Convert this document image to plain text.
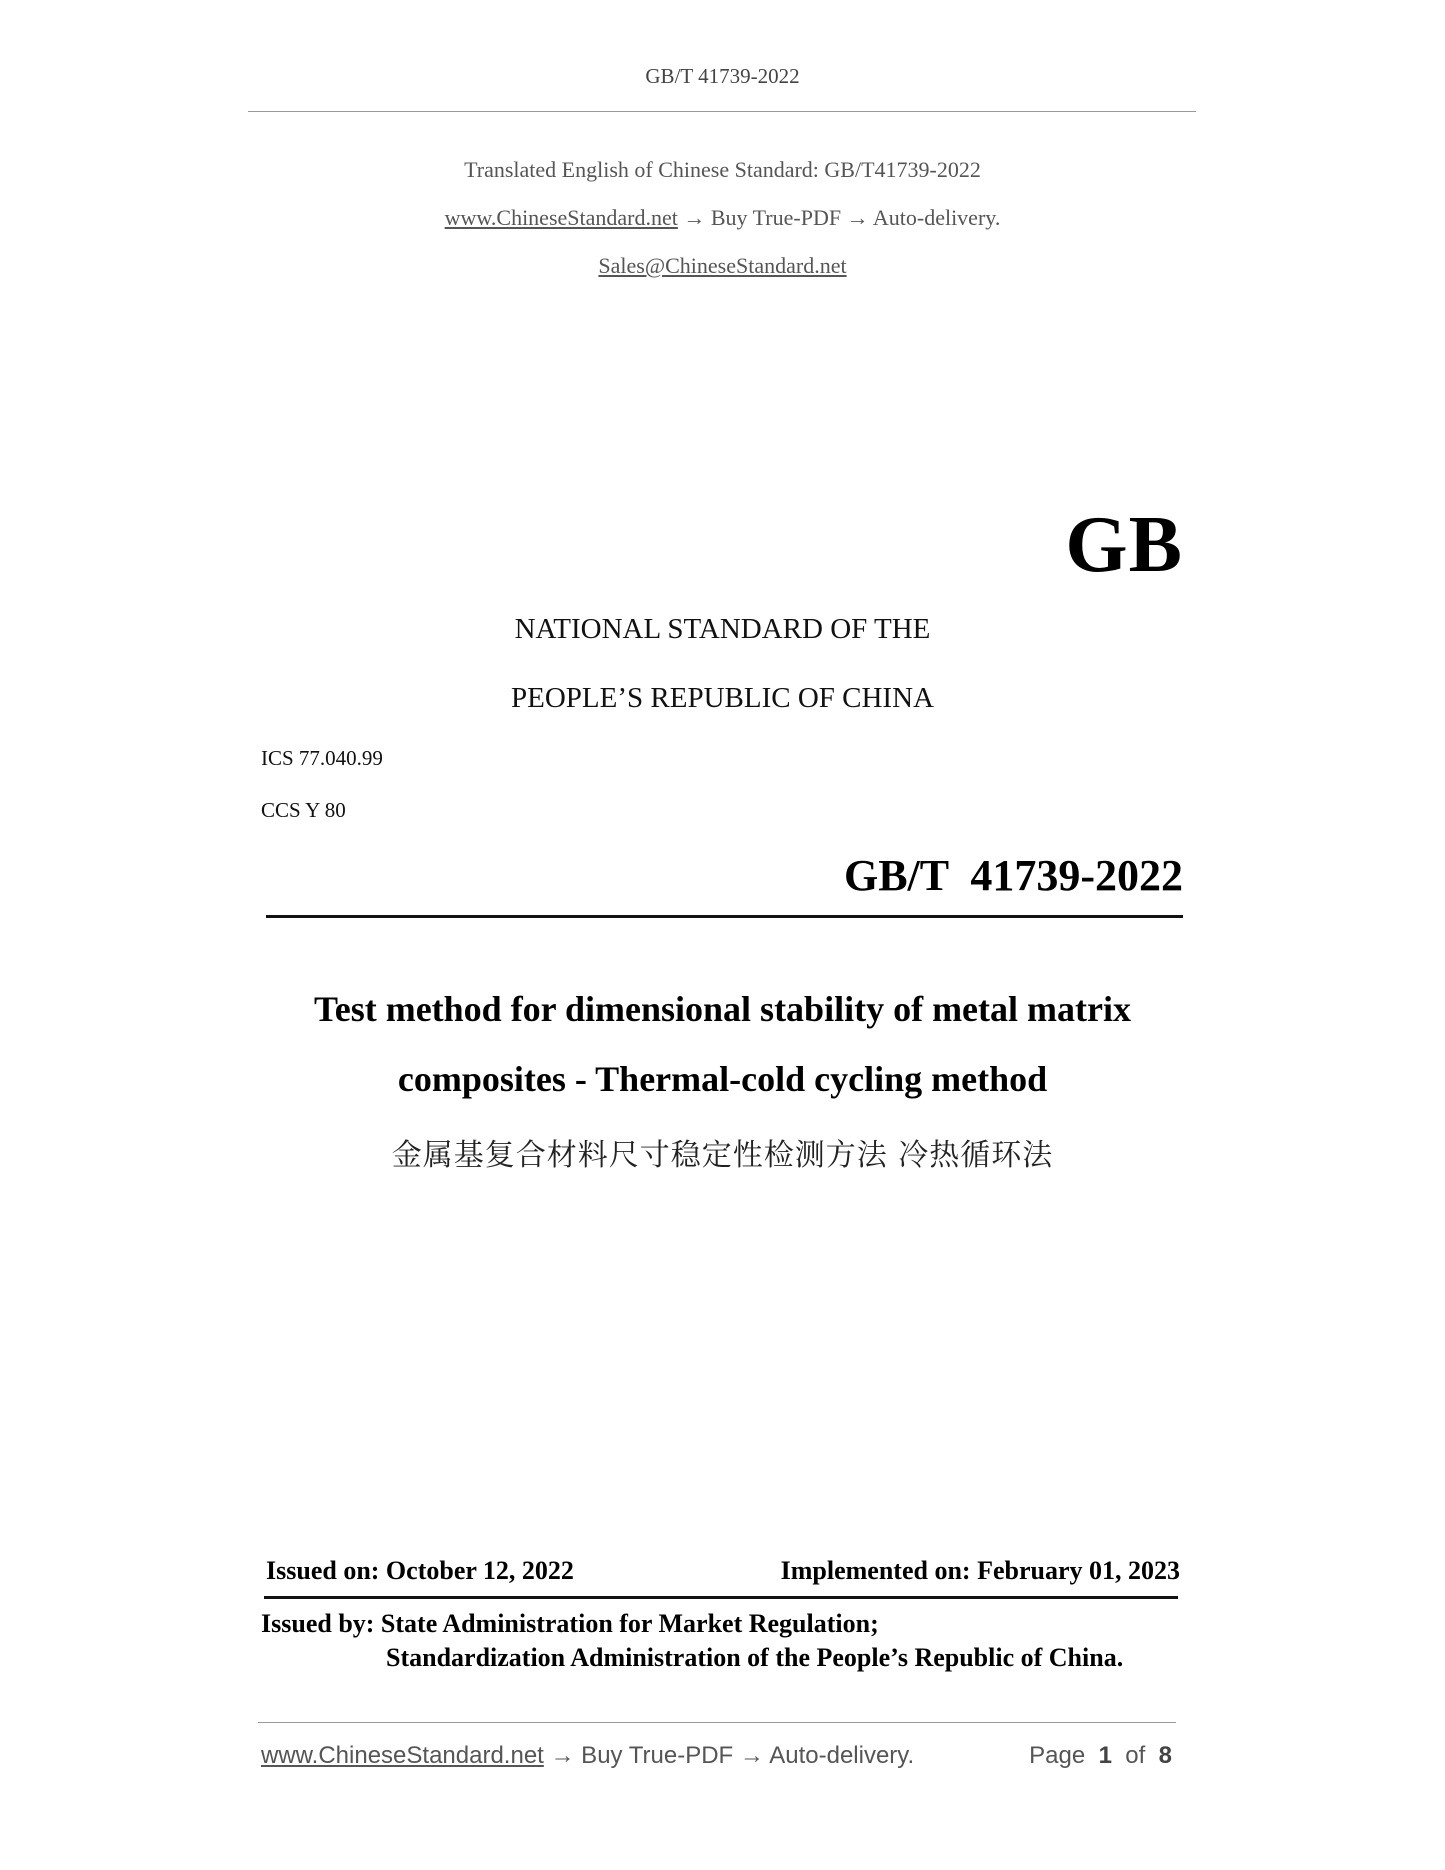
GB/T 41739-2022
Translated English of Chinese Standard: GB/T41739-2022
www.ChineseStandard.net → Buy True-PDF → Auto-delivery.
Sales@ChineseStandard.net
GB
NATIONAL STANDARD OF THE
PEOPLE’S REPUBLIC OF CHINA
ICS 77.040.99
CCS Y 80
GB/T  41739-2022
Test method for dimensional stability of metal matrix
composites - Thermal-cold cycling method
金属基复合材料尺寸稳定性检测方法 冷热循环法
Issued on: October 12, 2022	Implemented on: February 01, 2023
Issued by: State Administration for Market Regulation;
Standardization Administration of the People’s Republic of China.
www.ChineseStandard.net → Buy True-PDF → Auto-delivery.	Page 1 of 8
